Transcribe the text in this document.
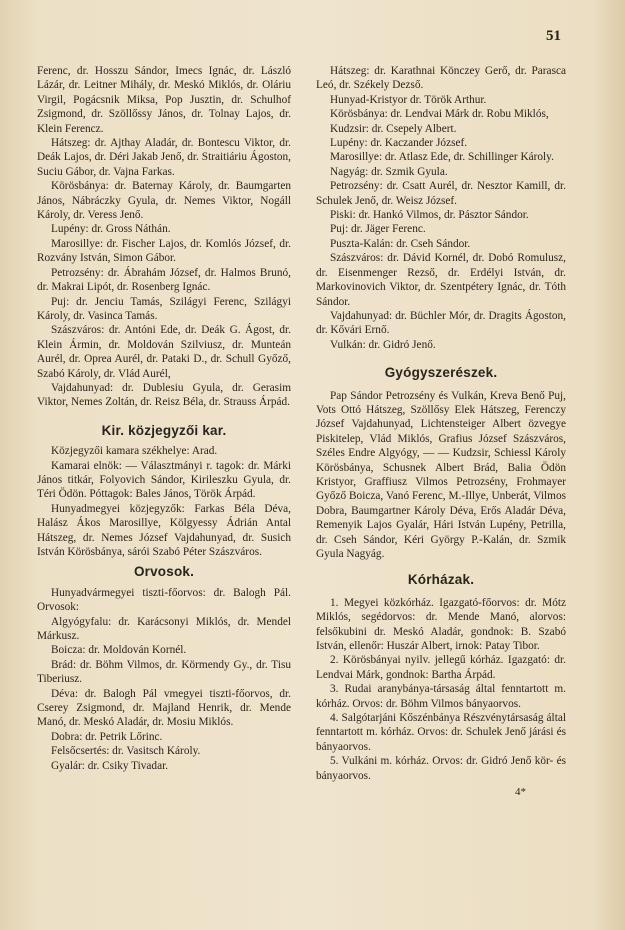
51

Ferenc, dr. Hosszu Sándor, Imecs Ignác, dr. László Lázár, dr. Leitner Mihály, dr. Meskó Miklós, dr. Oláriu Virgil, Pogácsnik Miksa, Pop Jusztin, dr. Schulhof Zsigmond, dr. Szöllőssy János, dr. Tolnay Lajos, dr. Klein Ferencz.

Hátszeg: dr. Ajthay Aladár, dr. Bontescu Viktor, dr. Deák Lajos, dr. Déri Jakab Jenő, dr. Straitiáriu Ágoston, Suciu Gábor, dr. Vajna Farkas.

Körösbánya: dr. Baternay Károly, dr. Baumgarten János, Nábráczky Gyula, dr. Nemes Viktor, Nogáll Károly, dr. Veress Jenő.

Lupény: dr. Gross Náthán.

Marosillye: dr. Fischer Lajos, dr. Komlós József, dr. Rozvány István, Simon Gábor.

Petrozsény: dr. Ábrahám József, dr. Halmos Brunó, dr. Makrai Lipót, dr. Rosenberg Ignác.

Puj: dr. Jenciu Tamás, Szilágyi Ferenc, Szilágyi Károly, dr. Vasinca Tamás.

Szászváros: dr. Antóni Ede, dr. Deák G. Ágost, dr. Klein Ármin, dr. Moldován Szilviusz, dr. Munteán Aurél, dr. Oprea Aurél, dr. Pataki D., dr. Schull Győző, Szabó Károly, dr. Vlád Aurél,

Vajdahunyad: dr. Dublesiu Gyula, dr. Gerasim Viktor, Nemes Zoltán, dr. Reisz Béla, dr. Strauss Árpád.

Kir. közjegyzői kar.

Közjegyzői kamara székhelye: Arad.

Kamarai elnök: — Választmányi r. tagok: dr. Márki János titkár, Folyovich Sándor, Kirileszku Gyula, dr. Téri Ödön. Póttagok: Bales János, Török Árpád.

Hunyadmegyei közjegyzők: Farkas Béla Déva, Halász Ákos Marosillye, Kölgyessy Ádrián Antal Hátszeg, dr. Nemes József Vajdahunyad, dr. Susich István Körösbánya, sárói Szabó Péter Szászváros.

Orvosok.

Hunyadvármegyei tiszti-főorvos: dr. Balogh Pál. Orvosok:

Algyógyfalu: dr. Karácsonyi Miklós, dr. Mendel Márkusz.

Boicza: dr. Moldován Kornél.

Brád: dr. Böhm Vilmos, dr. Körmendy Gy., dr. Tisu Tiberiusz.

Déva: dr. Balogh Pál vmegyei tiszti-főorvos, dr. Cserey Zsigmond, dr. Majland Henrik, dr. Mende Manó, dr. Meskó Aladár, dr. Mosiu Miklós.

Dobra: dr. Petrik Lőrinc.

Felsőcsertés: dr. Vasitsch Károly.

Gyalár: dr. Csiky Tivadar.

Hátszeg: dr. Karathnai Könczey Gerő, dr. Parasca Leó, dr. Székely Dezső.

Hunyad-Kristyor dr. Török Arthur.

Körösbánya: dr. Lendvai Márk dr. Robu Miklós,

Kudzsir: dr. Csepely Albert.

Lupény: dr. Kaczander József.

Marosillye: dr. Atlasz Ede, dr. Schillinger Károly.

Nagyág: dr. Szmik Gyula.

Petrozsény: dr. Csatt Aurél, dr. Nesztor Kamill, dr. Schulek Jenő, dr. Weisz József.

Piski: dr. Hankó Vilmos, dr. Pásztor Sándor.

Puj: dr. Jäger Ferenc.

Puszta-Kalán: dr. Cseh Sándor.

Szászváros: dr. Dávid Kornél, dr. Dobó Romulusz, dr. Eisenmenger Rezső, dr. Erdélyi István, dr. Markovinovich Viktor, dr. Szentpétery Ignác, dr. Tóth Sándor.

Vajdahunyad: dr. Büchler Mór, dr. Dragits Ágoston, dr. Kővári Ernő.

Vulkán: dr. Gidró Jenő.

Gyógyszerészek.

Pap Sándor Petrozsény és Vulkán, Kreva Benő Puj, Vots Ottó Hátszeg, Szöllősy Elek Hátszeg, Ferenczy József Vajdahunyad, Lichtensteiger Albert özvegye Piskitelep, Vlád Miklós, Grafius József Szászváros, Széles Endre Algyógy, — — Kudzsir, Schiessl Károly Körösbánya, Schusnek Albert Brád, Balia Ödön Kristyor, Graffiusz Vilmos Petrozsény, Frohmayer Győző Boicza, Vanó Ferenc, M.-Illye, Unberát, Vilmos Dobra, Baumgartner Károly Déva, Erős Aladár Déva, Remenyik Lajos Gyalár, Hári István Lupény, Petrilla, dr. Cseh Sándor, Kéri György P.-Kalán, dr. Szmik Gyula Nagyág.

Kórházak.

1. Megyei közkórház. Igazgató-főorvos: dr. Mótz Miklós, segédorvos: dr. Mende Manó, alorvos: felsőkubini dr. Meskó Aladár, gondnok: B. Szabó István, ellenőr: Huszár Albert, irnok: Patay Tibor.

2. Körösbányai nyilv. jellegű kórház. Igazgató: dr. Lendvai Márk, gondnok: Bartha Árpád.

3. Rudai aranybánya-társaság által fenntartott m. kórház. Orvos: dr. Böhm Vilmos bányaorvos.

4. Salgótarjáni Kőszénbánya Részvénytársaság által fenntartott m. kórház. Orvos: dr. Schulek Jenő járási és bányaorvos.

5. Vulkáni m. kórház. Orvos: dr. Gidró Jenő kör- és bányaorvos.

4*
